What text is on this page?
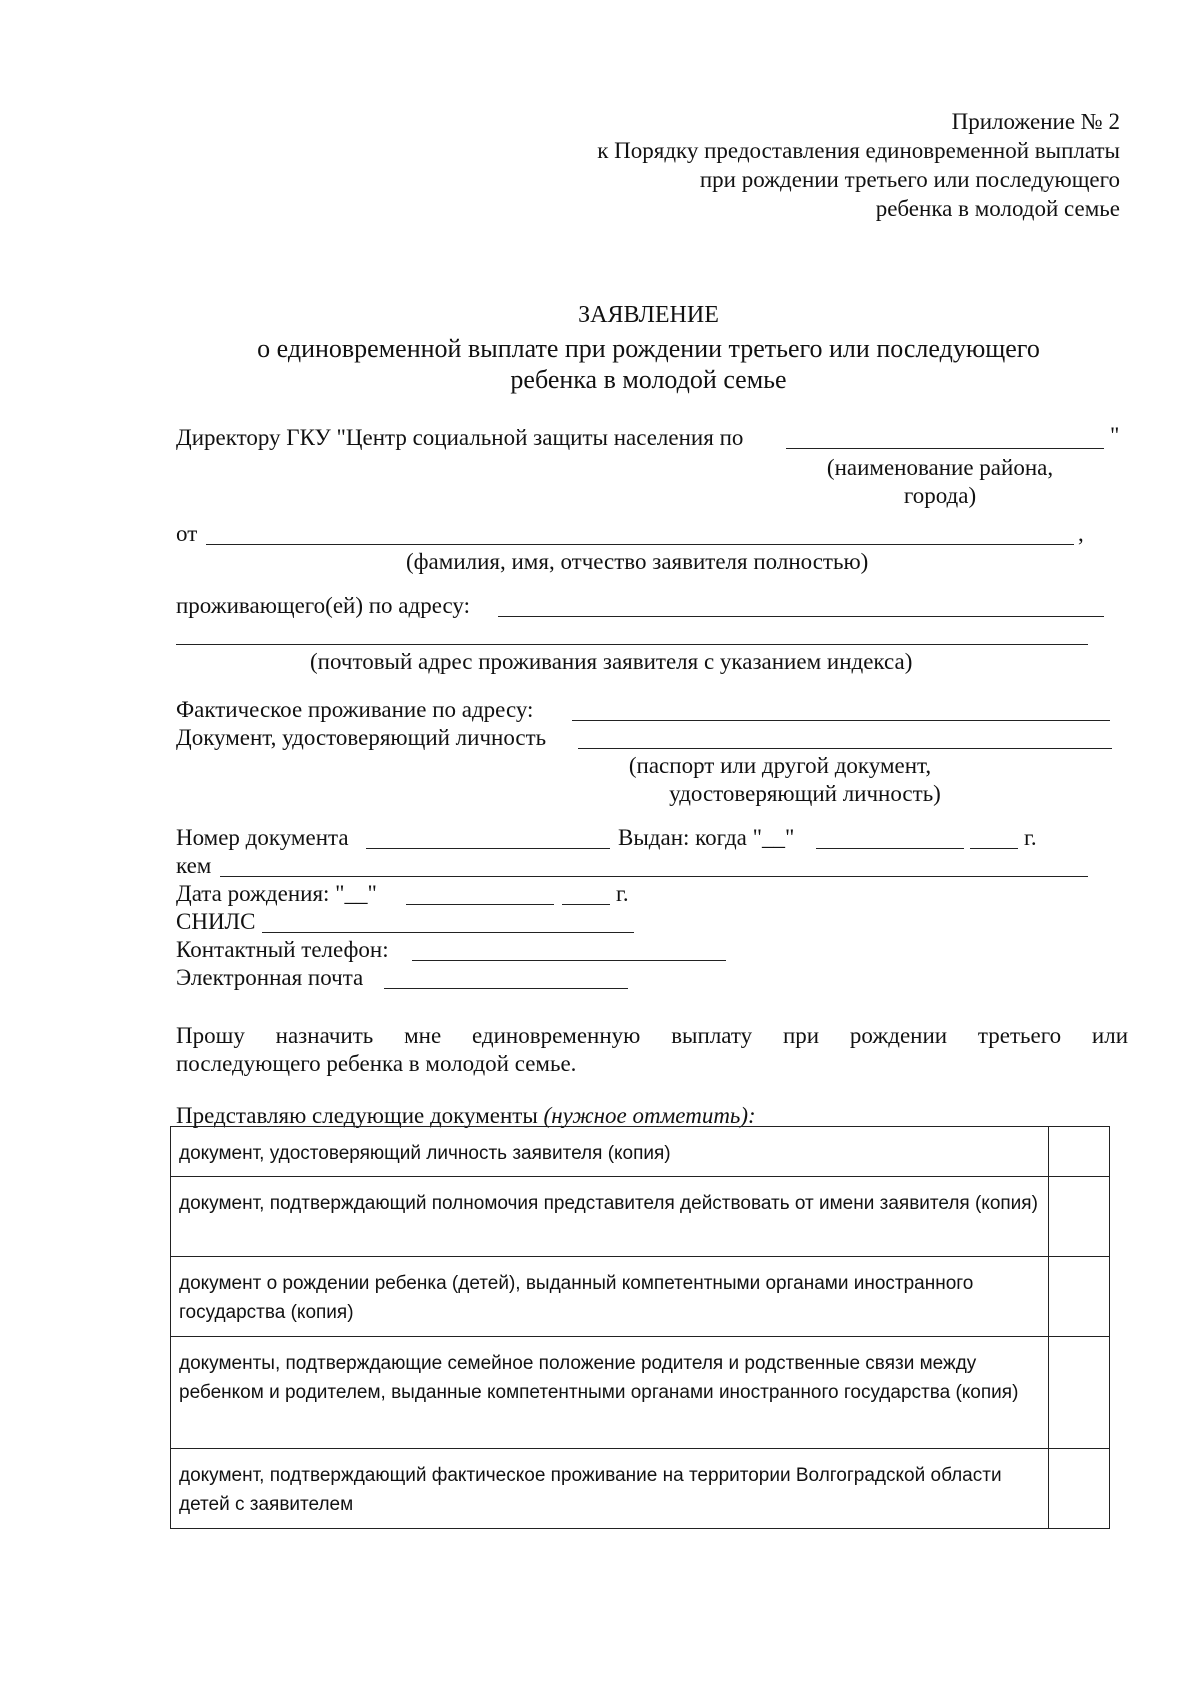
Приложение № 2
к Порядку предоставления единовременной выплаты
при рождении третьего или последующего
ребенка в молодой семье
ЗАЯВЛЕНИЕ
о единовременной выплате при рождении третьего или последующего
ребенка в молодой семье
Директору ГКУ "Центр социальной защиты населения по	"
(наименование района,
города)
от	,
(фамилия, имя, отчество заявителя полностью)
проживающего(ей) по адресу:
(почтовый адрес проживания заявителя с указанием индекса)
Фактическое проживание по адресу:
Документ, удостоверяющий личность
(паспорт или другой документ,
удостоверяющий личность)
Номер документа	Выдан: когда "__"	г.
кем
Дата рождения: "__"	г.
СНИЛС
Контактный телефон:
Электронная почта
Прошу назначить мне единовременную выплату при рождении третьего или
последующего ребенка в молодой семье.
Представляю следующие документы (нужное отметить):
документ, удостоверяющий личность заявителя (копия)	
документ, подтверждающий полномочия представителя действовать от имени заявителя (копия)	
документ о рождении ребенка (детей), выданный компетентными органами иностранного государства (копия)	
документы, подтверждающие семейное положение родителя и родственные связи между ребенком и родителем, выданные компетентными органами иностранного государства (копия)	
документ, подтверждающий фактическое проживание на территории Волгоградской области детей с заявителем	
